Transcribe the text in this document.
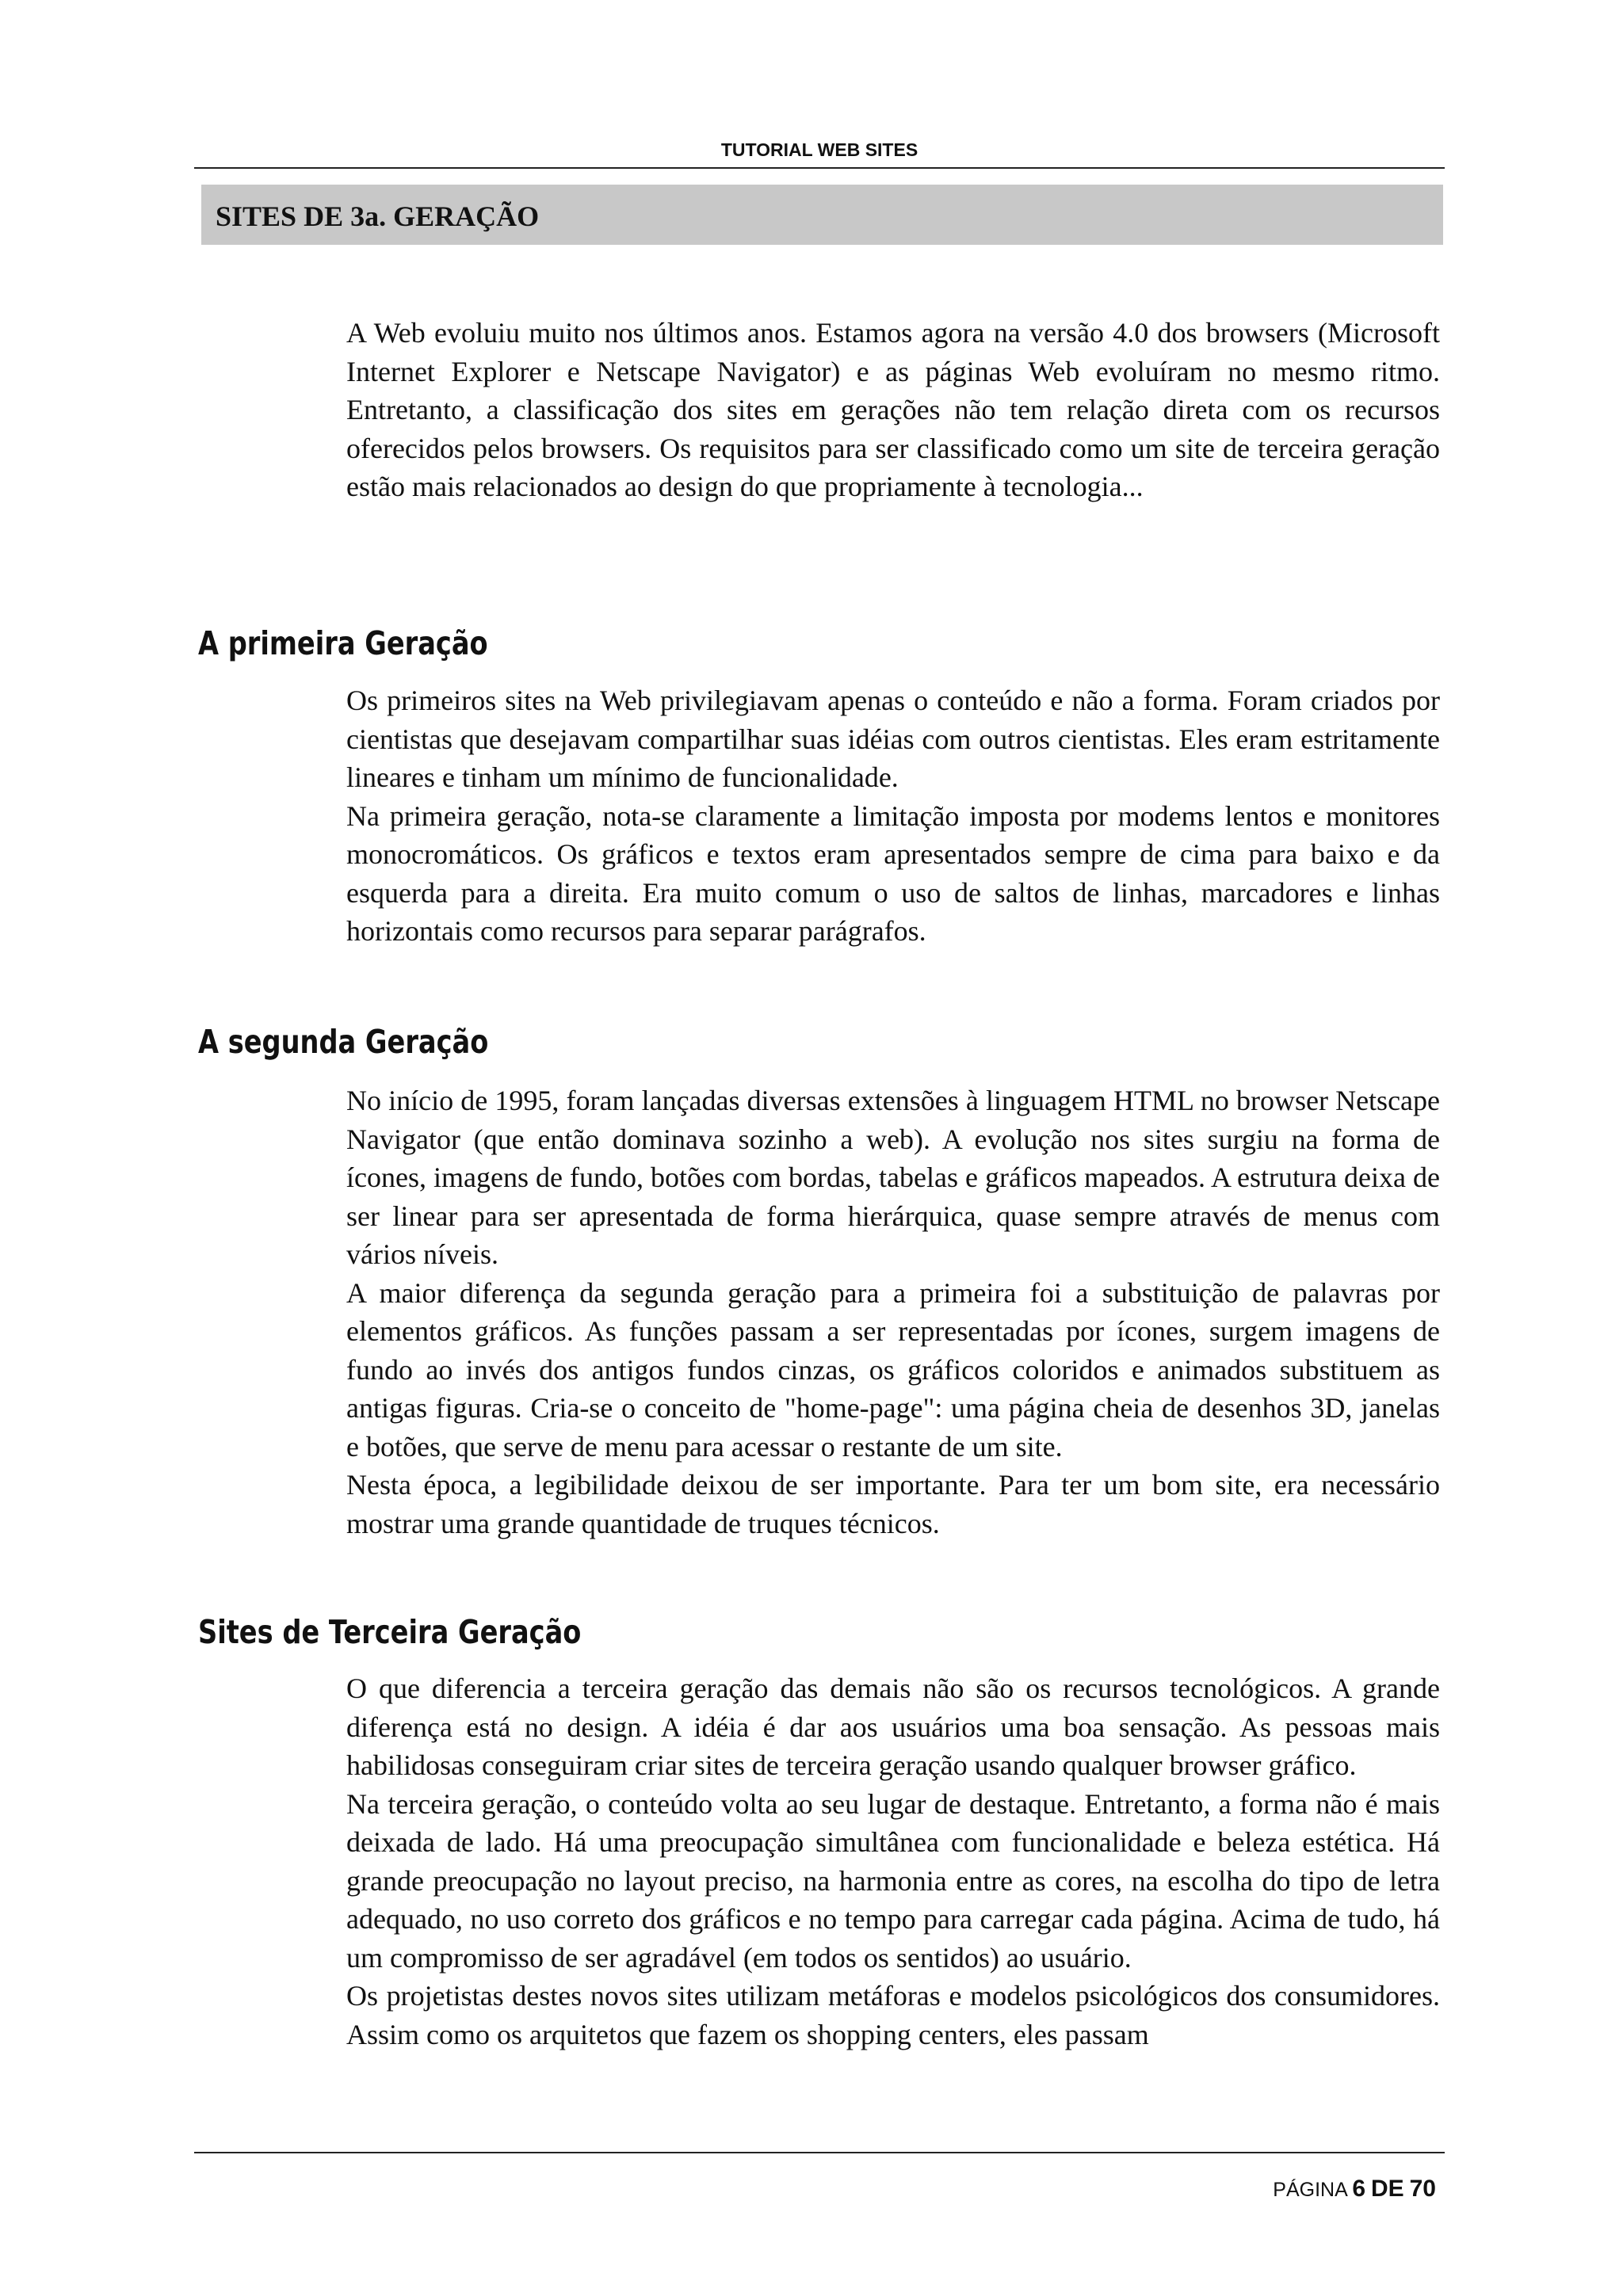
TUTORIAL WEB SITES
SITES DE 3a. GERAÇÃO

A Web evoluiu muito nos últimos anos. Estamos agora na versão 4.0 dos browsers (Microsoft Internet Explorer e Netscape Navigator) e as páginas Web evoluíram no mesmo ritmo. Entretanto, a classificação dos sites em gerações não tem relação direta com os recursos oferecidos pelos browsers. Os requisitos para ser classificado como um site de terceira geração estão mais relacionados ao design do que propriamente à tecnologia...

A primeira Geração

Os primeiros sites na Web privilegiavam apenas o conteúdo e não a forma. Foram criados por cientistas que desejavam compartilhar suas idéias com outros cientistas. Eles eram estritamente lineares e tinham um mínimo de funcionalidade.

Na primeira geração, nota-se claramente a limitação imposta por modems lentos e monitores monocromáticos. Os gráficos e textos eram apresentados sempre de cima para baixo e da esquerda para a direita. Era muito comum o uso de saltos de linhas, marcadores e linhas horizontais como recursos para separar parágrafos.

A segunda Geração

No início de 1995, foram lançadas diversas extensões à linguagem HTML no browser Netscape Navigator (que então dominava sozinho a web). A evolução nos sites surgiu na forma de ícones, imagens de fundo, botões com bordas, tabelas e gráficos mapeados. A estrutura deixa de ser linear para ser apresentada de forma hierárquica, quase sempre através de menus com vários níveis.

A maior diferença da segunda geração para a primeira foi a substituição de palavras por elementos gráficos. As funções passam a ser representadas por ícones, surgem imagens de fundo ao invés dos antigos fundos cinzas, os gráficos coloridos e animados substituem as antigas figuras. Cria-se o conceito de "home-page": uma página cheia de desenhos 3D, janelas e botões, que serve de menu para acessar o restante de um site.

Nesta época, a legibilidade deixou de ser importante. Para ter um bom site, era necessário mostrar uma grande quantidade de truques técnicos.

Sites de Terceira Geração

O que diferencia a terceira geração das demais não são os recursos tecnológicos. A grande diferença está no design. A idéia é dar aos usuários uma boa sensação. As pessoas mais habilidosas conseguiram criar sites de terceira geração usando qualquer browser gráfico.

Na terceira geração, o conteúdo volta ao seu lugar de destaque. Entretanto, a forma não é mais deixada de lado. Há uma preocupação simultânea com funcionalidade e beleza estética. Há grande preocupação no layout preciso, na harmonia entre as cores, na escolha do tipo de letra adequado, no uso correto dos gráficos e no tempo para carregar cada página. Acima de tudo, há um compromisso de ser agradável (em todos os sentidos) ao usuário.

Os projetistas destes novos sites utilizam metáforas e modelos psicológicos dos consumidores. Assim como os arquitetos que fazem os shopping centers, eles passam

PÁGINA 6 DE 70
